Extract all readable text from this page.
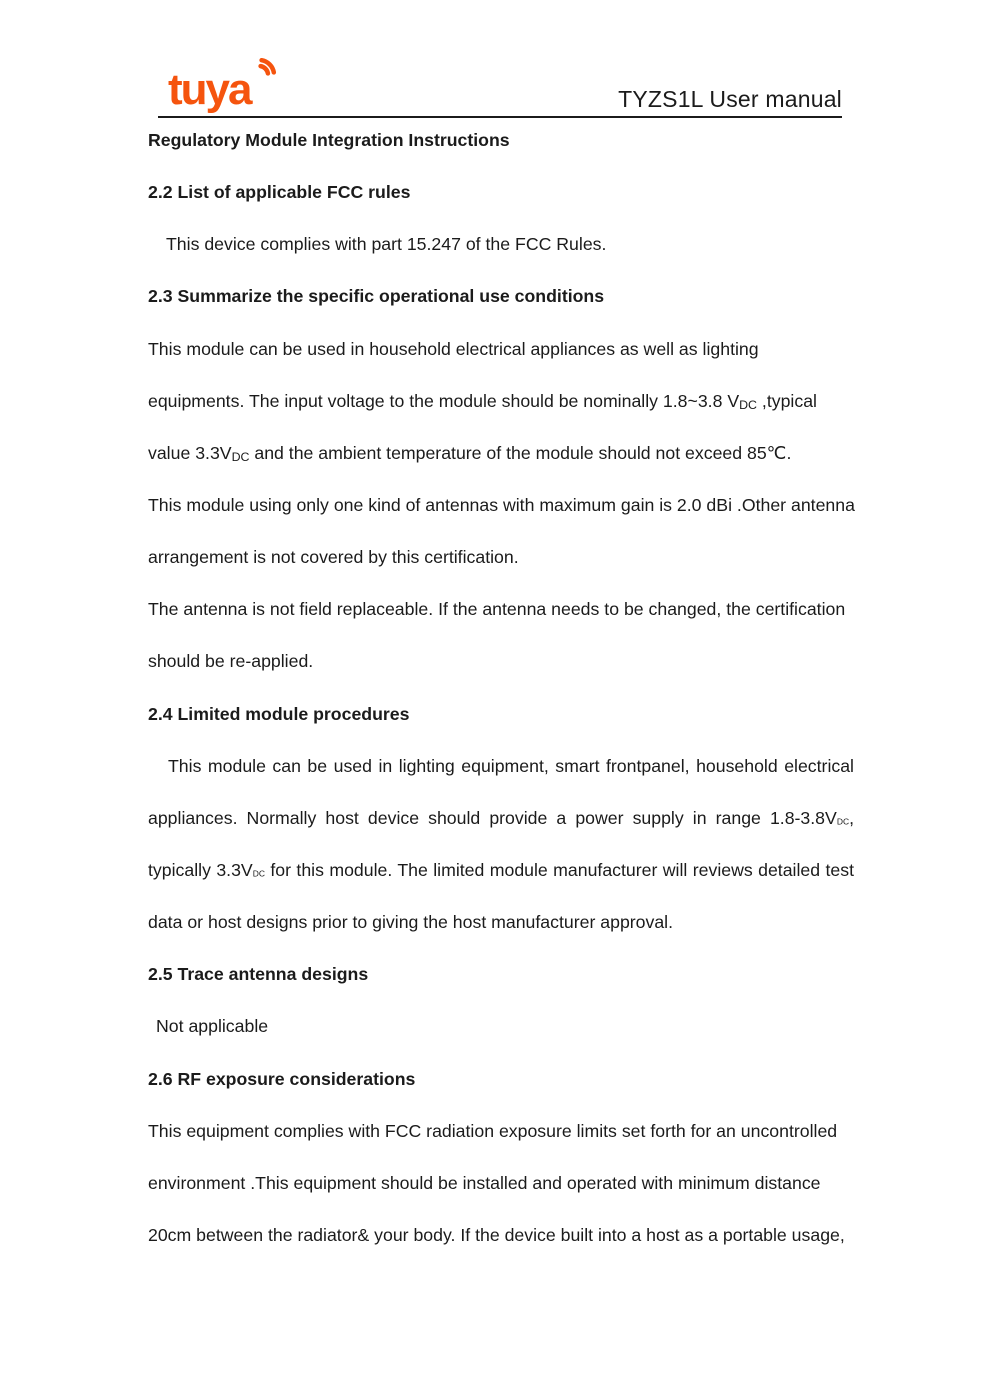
tuya	TYZS1L User manual
Regulatory Module Integration Instructions
2.2 List of applicable FCC rules
This device complies with part 15.247 of the FCC Rules.
2.3 Summarize the specific operational use conditions
This module can be used in household electrical appliances as well as lighting
equipments. The input voltage to the module should be nominally 1.8~3.8 VDC ,typical
value 3.3VDC and the ambient temperature of the module should not exceed 85℃.
This module using only one kind of antennas with maximum gain is 2.0 dBi .Other antenna
arrangement is not covered by this certification.
The antenna is not field replaceable. If the antenna needs to be changed, the certification
should be re-applied.
2.4 Limited module procedures
This module can be used in lighting equipment, smart frontpanel, household electrical
appliances. Normally host device should provide a power supply in range 1.8-3.8VDC,
typically 3.3VDC for this module. The limited module manufacturer will reviews detailed test
data or host designs prior to giving the host manufacturer approval.
2.5 Trace antenna designs
Not applicable
2.6 RF exposure considerations
This equipment complies with FCC radiation exposure limits set forth for an uncontrolled
environment .This equipment should be installed and operated with minimum distance
20cm between the radiator& your body. If the device built into a host as a portable usage,
